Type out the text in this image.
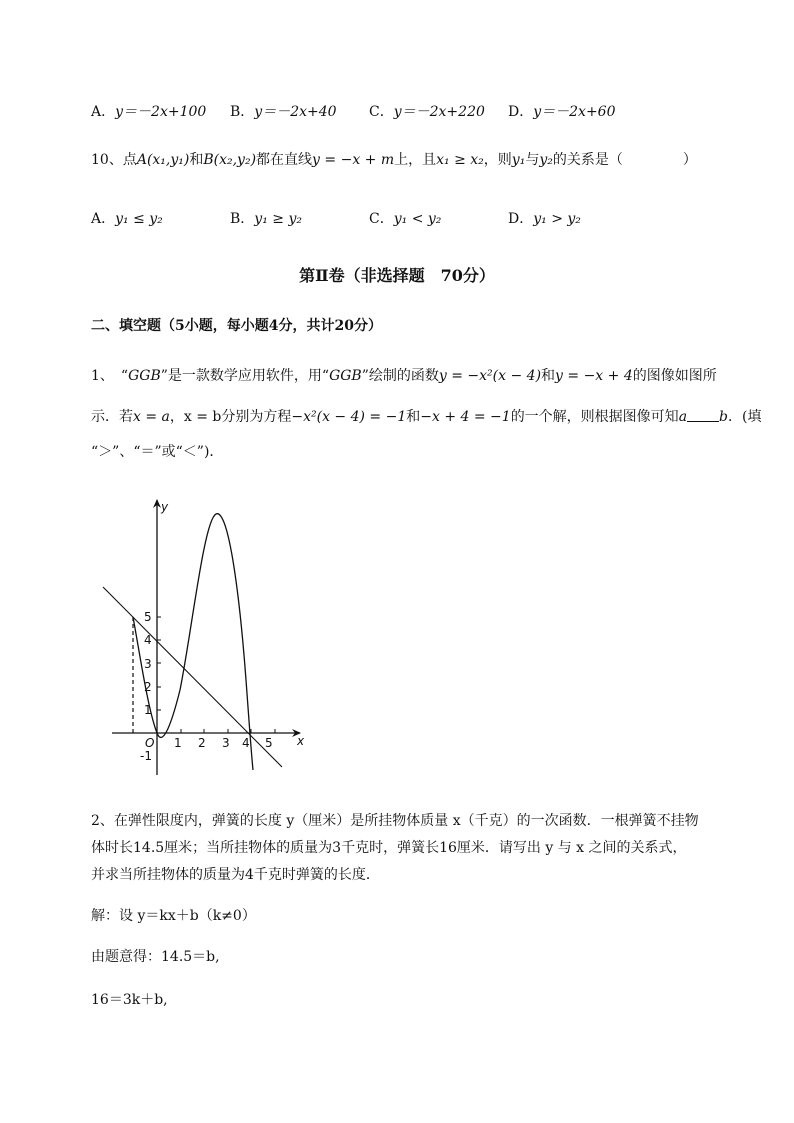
A．y＝－2x+100	B．y＝－2x+40	C．y＝－2x+220	D．y＝－2x+60
10、点A(x₁,y₁)和B(x₂,y₂)都在直线y = −x + m上，且x₁ ≥ x₂，则y₁与y₂的关系是（	）
A．y₁ ≤ y₂	B．y₁ ≥ y₂	C．y₁ < y₂	D．y₁ > y₂
第Ⅱ卷（非选择题　70分）
二、填空题（5小题，每小题4分，共计20分）
1、　“GGB”是一款数学应用软件，用“GGB”绘制的函数y = −x²(x − 4)和y = −x + 4的图像如图所
示．若x = a，x = b分别为方程−x²(x − 4) = −1和−x + 4 = −1的一个解，则根据图像可知a b．(填
“＞”、“＝”或“＜”)．
y
x
O 1 2 3 4 5
1
2
3
4
5
-1
2、在弹性限度内，弹簧的长度 y（厘米）是所挂物体质量 x（千克）的一次函数．一根弹簧不挂物
体时长14.5厘米；当所挂物体的质量为3千克时，弹簧长16厘米．请写出 y 与 x 之间的关系式，
并求当所挂物体的质量为4千克时弹簧的长度．
解：设 y＝kx＋b（k≠0）
由题意得：14.5＝b,
16＝3k＋b,
